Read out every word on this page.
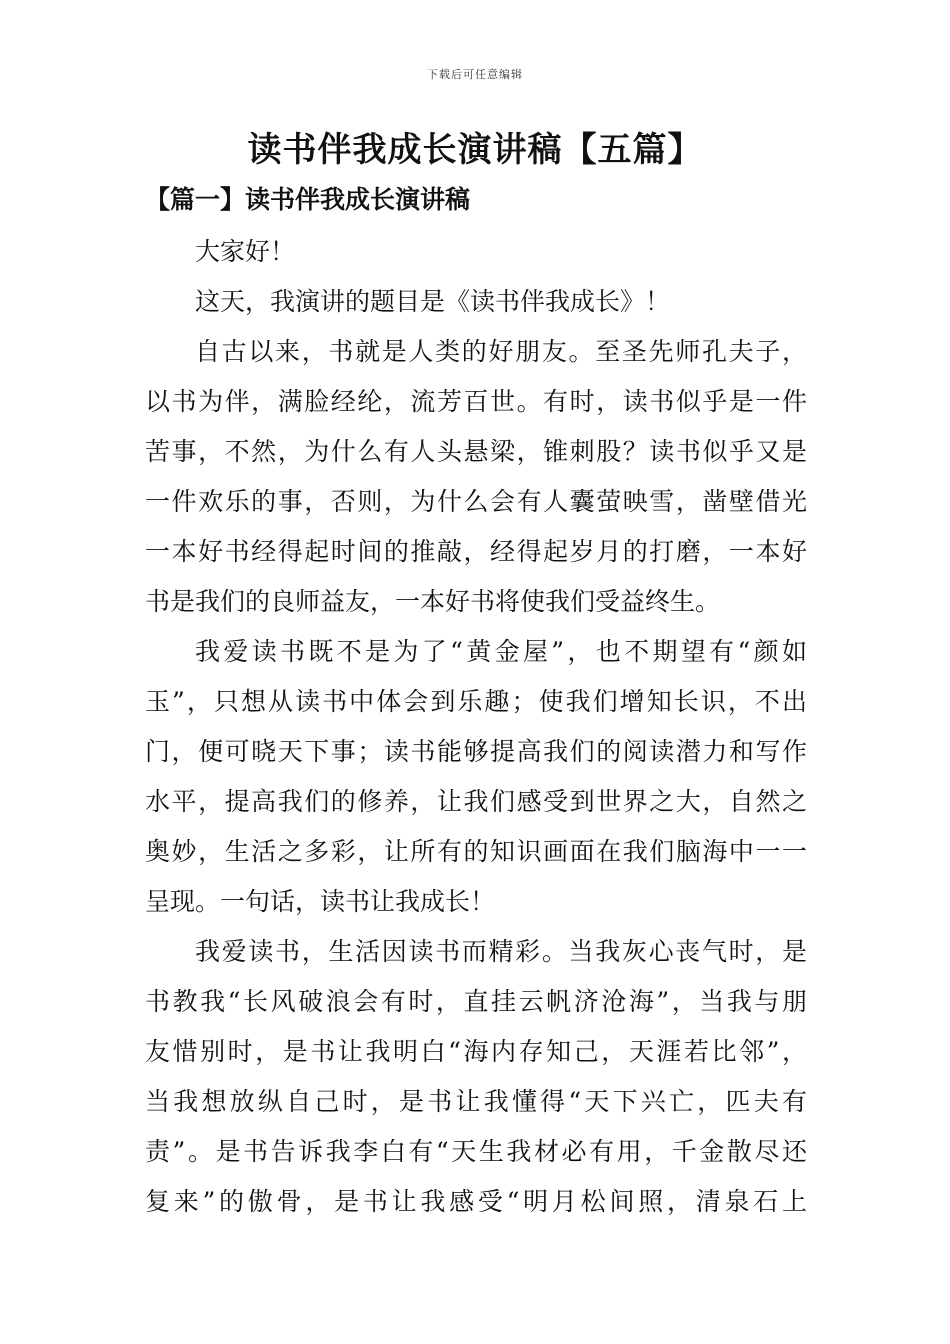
下载后可任意编辑
读书伴我成长演讲稿【五篇】
【篇一】读书伴我成长演讲稿
大家好！
这天，我演讲的题目是《读书伴我成长》！
自古以来，书就是人类的好朋友。至圣先师孔夫子，
以书为伴，满脸经纶，流芳百世。有时，读书似乎是一件
苦事，不然，为什么有人头悬梁，锥刺股？读书似乎又是
一件欢乐的事，否则，为什么会有人囊萤映雪，凿壁借光
一本好书经得起时间的推敲，经得起岁月的打磨，一本好
书是我们的良师益友，一本好书将使我们受益终生。
我爱读书既不是为了“黄金屋”，也不期望有“颜如
玉”，只想从读书中体会到乐趣；使我们增知长识，不出
门，便可晓天下事；读书能够提高我们的阅读潜力和写作
水平，提高我们的修养，让我们感受到世界之大，自然之
奥妙，生活之多彩，让所有的知识画面在我们脑海中一一
呈现。一句话，读书让我成长！
我爱读书，生活因读书而精彩。当我灰心丧气时，是
书教我“长风破浪会有时，直挂云帆济沧海”，当我与朋
友惜别时，是书让我明白“海内存知己，天涯若比邻”，
当我想放纵自己时，是书让我懂得“天下兴亡，匹夫有
责”。是书告诉我李白有“天生我材必有用，千金散尽还
复来”的傲骨，是书让我感受“明月松间照，清泉石上
